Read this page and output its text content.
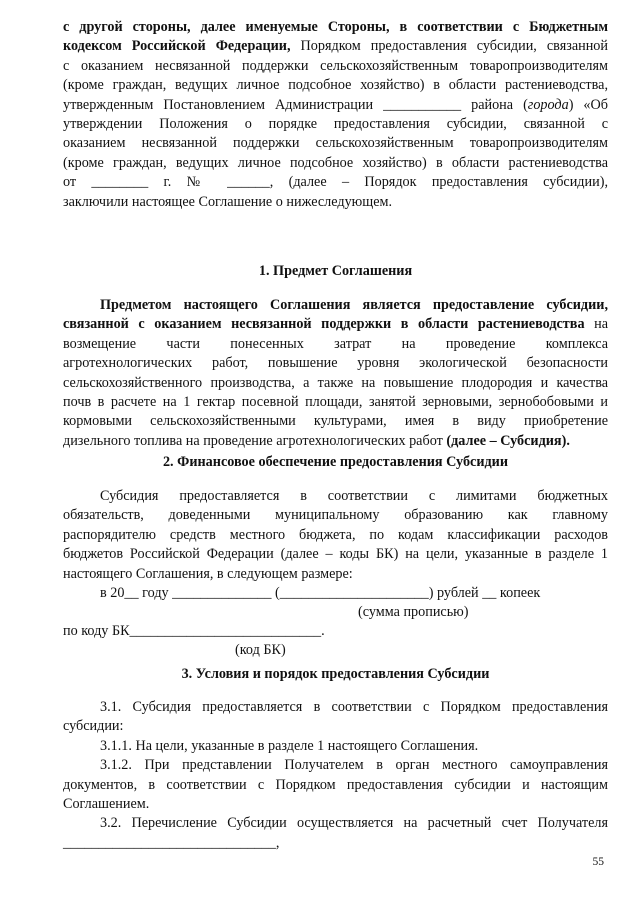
с другой стороны, далее именуемые Стороны, в соответствии с Бюджетным
кодексом Российской Федерации, Порядком предоставления субсидии, связанной
с оказанием несвязанной поддержки сельскохозяйственным товаропроизводителям
(кроме граждан, ведущих личное подсобное хозяйство) в области растениеводства,
утвержденным Постановлением Администрации ___________ района (города) «Об
утверждении Положения о порядке предоставления субсидии, связанной с
оказанием несвязанной поддержки сельскохозяйственным товаропроизводителям
(кроме граждан, ведущих личное подсобное хозяйство) в области растениеводства
от ________ г. № ______, (далее – Порядок предоставления субсидии),
заключили настоящее Соглашение о нижеследующем.
1. Предмет Соглашения
Предметом настоящего Соглашения является предоставление субсидии,
связанной с оказанием несвязанной поддержки в области растениеводства на
возмещение части понесенных затрат на проведение комплекса
агротехнологических работ, повышение уровня экологической безопасности
сельскохозяйственного производства, а также на повышение плодородия и качества
почв в расчете на 1 гектар посевной площади, занятой зерновыми, зернобобовыми и
кормовыми сельскохозяйственными культурами, имея в виду приобретение
дизельного топлива на проведение агротехнологических работ (далее – Субсидия).
2. Финансовое обеспечение предоставления Субсидии
Субсидия предоставляется в соответствии с лимитами бюджетных
обязательств, доведенными муниципальному образованию как главному
распорядителю средств местного бюджета, по кодам классификации расходов
бюджетов Российской Федерации (далее – коды БК) на цели, указанные в разделе 1
настоящего Соглашения, в следующем размере:
в 20__ году ______________ (_____________________) рублей __ копеек
(сумма прописью)
по коду БК___________________________.
(код БК)
3. Условия и порядок предоставления Субсидии
3.1. Субсидия предоставляется в соответствии с Порядком предоставления
субсидии:
3.1.1. На цели, указанные в разделе 1 настоящего Соглашения.
3.1.2. При представлении Получателем в орган местного самоуправления
документов, в соответствии с Порядком предоставления субсидии и настоящим
Соглашением.
3.2. Перечисление Субсидии осуществляется на расчетный счет Получателя
______________________________,
55
